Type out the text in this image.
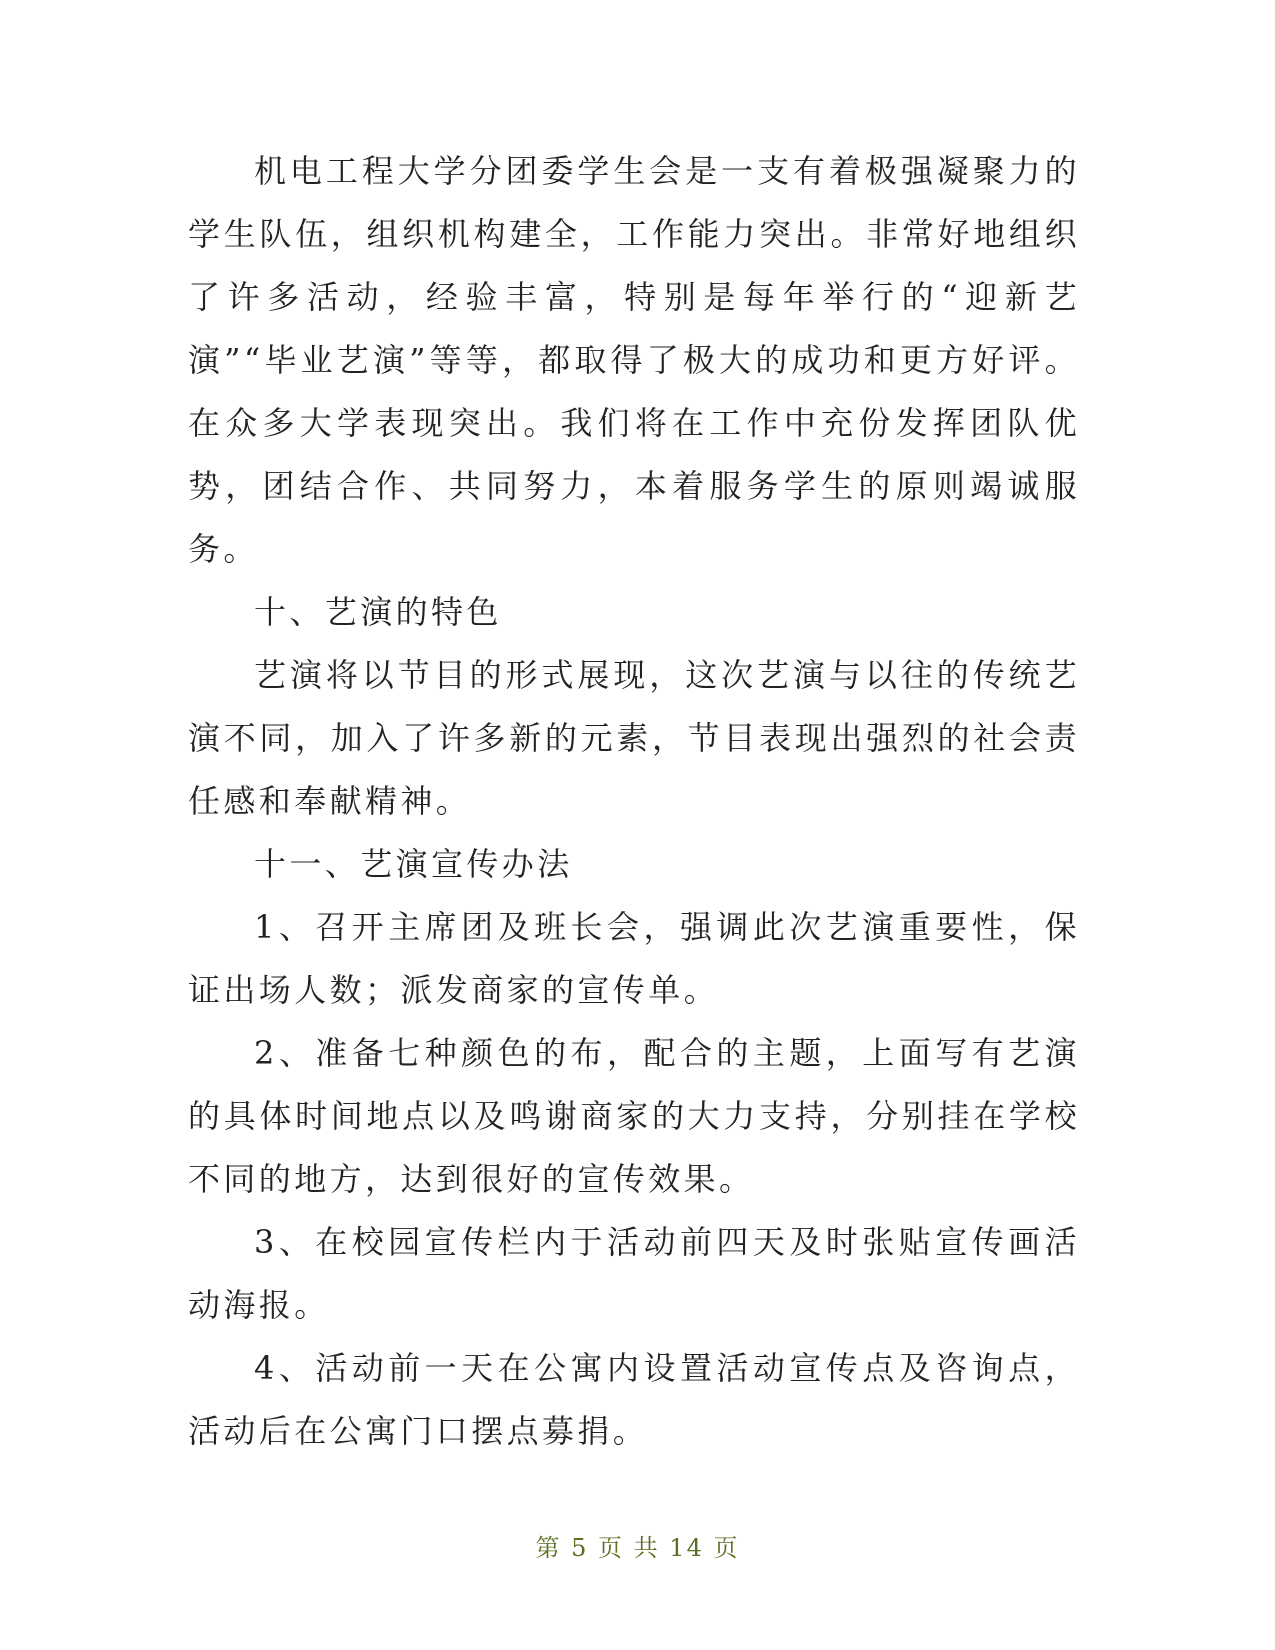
机电工程大学分团委学生会是一支有着极强凝聚力的学生队伍，组织机构建全，工作能力突出。非常好地组织了许多活动，经验丰富，特别是每年举行的“迎新艺演”“毕业艺演”等等，都取得了极大的成功和更方好评。在众多大学表现突出。我们将在工作中充份发挥团队优势，团结合作、共同努力，本着服务学生的原则竭诚服务。

十、艺演的特色

艺演将以节目的形式展现，这次艺演与以往的传统艺演不同，加入了许多新的元素，节目表现出强烈的社会责任感和奉献精神。

十一、艺演宣传办法

1、召开主席团及班长会，强调此次艺演重要性，保证出场人数；派发商家的宣传单。

2、准备七种颜色的布，配合的主题，上面写有艺演的具体时间地点以及鸣谢商家的大力支持，分别挂在学校不同的地方，达到很好的宣传效果。

3、在校园宣传栏内于活动前四天及时张贴宣传画活动海报。

4、活动前一天在公寓内设置活动宣传点及咨询点，活动后在公寓门口摆点募捐。

第 5 页 共 14 页
